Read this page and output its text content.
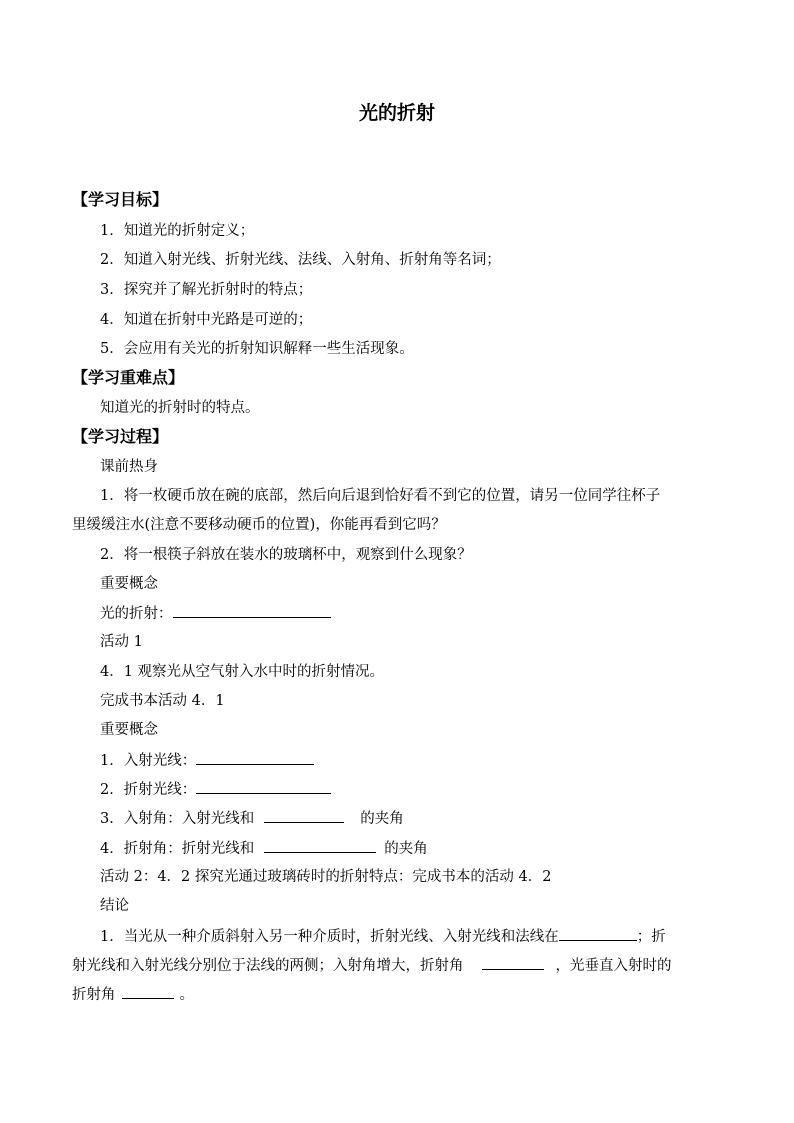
光的折射
【学习目标】
1．知道光的折射定义；
2．知道入射光线、折射光线、法线、入射角、折射角等名词；
3．探究并了解光折射时的特点；
4．知道在折射中光路是可逆的；
5．会应用有关光的折射知识解释一些生活现象。
【学习重难点】
知道光的折射时的特点。
【学习过程】
课前热身
1．将一枚硬币放在碗的底部，然后向后退到恰好看不到它的位置，请另一位同学往杯子
里缓缓注水(注意不要移动硬币的位置)，你能再看到它吗？
2．将一根筷子斜放在装水的玻璃杯中，观察到什么现象？
重要概念
光的折射：
活动 1
4．1 观察光从空气射入水中时的折射情况。
完成书本活动 4．1
重要概念
1．入射光线：
2．折射光线：
3．入射角：入射光线和	的夹角
4．折射角：折射光线和	的夹角
活动 2：4．2 探究光通过玻璃砖时的折射特点：完成书本的活动 4．2
结论
1．当光从一种介质斜射入另一种介质时，折射光线、入射光线和法线在	；折
射光线和入射光线分别位于法线的两侧；入射角增大，折射角	，光垂直入射时的
折射角	。
